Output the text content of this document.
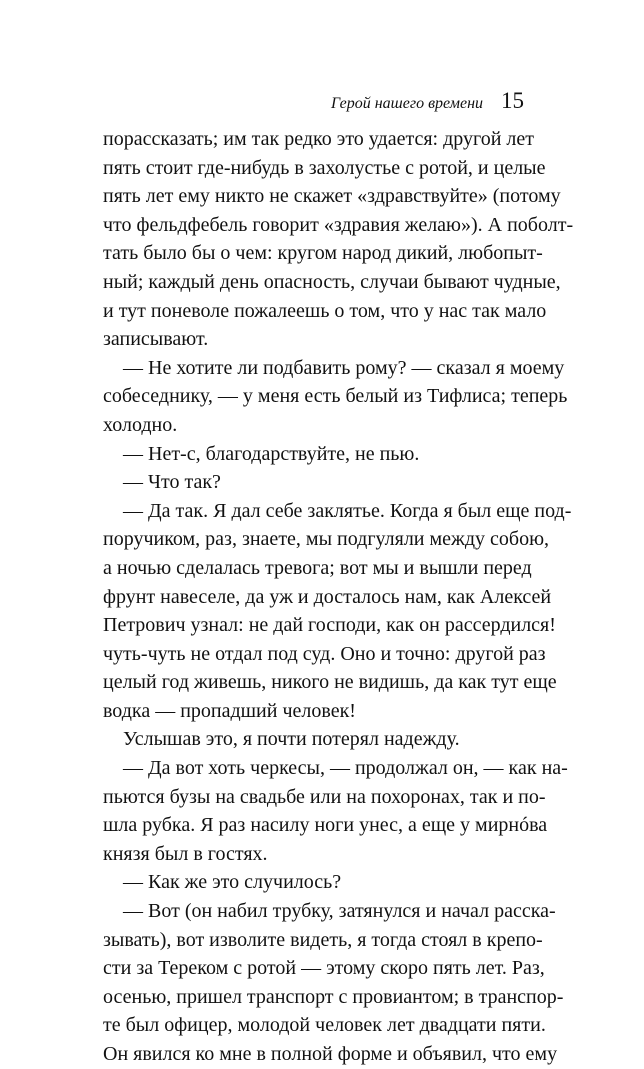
Герой нашего времени 15
порассказать; им так редко это удается: другой лет
пять стоит где-нибудь в захолустье с ротой, и целые
пять лет ему никто не скажет «здравствуйте» (потому
что фельдфебель говорит «здравия желаю»). А поболт-
тать было бы о чем: кругом народ дикий, любопыт-
ный; каждый день опасность, случаи бывают чудные,
и тут поневоле пожалеешь о том, что у нас так мало
записывают.
— Не хотите ли подбавить рому? — сказал я моему
собеседнику, — у меня есть белый из Тифлиса; теперь
холодно.
— Нет-с, благодарствуйте, не пью.
— Что так?
— Да так. Я дал себе заклятье. Когда я был еще под-
поручиком, раз, знаете, мы подгуляли между собою,
а ночью сделалась тревога; вот мы и вышли перед
фрунт навеселе, да уж и досталось нам, как Алексей
Петрович узнал: не дай господи, как он рассердился!
чуть-чуть не отдал под суд. Оно и точно: другой раз
целый год живешь, никого не видишь, да как тут еще
водка — пропадший человек!
Услышав это, я почти потерял надежду.
— Да вот хоть черкесы, — продолжал он, — как на-
пьются бузы на свадьбе или на похоронах, так и по-
шла рубка. Я раз насилу ноги унес, а еще у мирнóва
князя был в гостях.
— Как же это случилось?
— Вот (он набил трубку, затянулся и начал расска-
зывать), вот изволите видеть, я тогда стоял в крепо-
сти за Тереком с ротой — этому скоро пять лет. Раз,
осенью, пришел транспорт с провиантом; в транспор-
те был офицер, молодой человек лет двадцати пяти.
Он явился ко мне в полной форме и объявил, что ему
